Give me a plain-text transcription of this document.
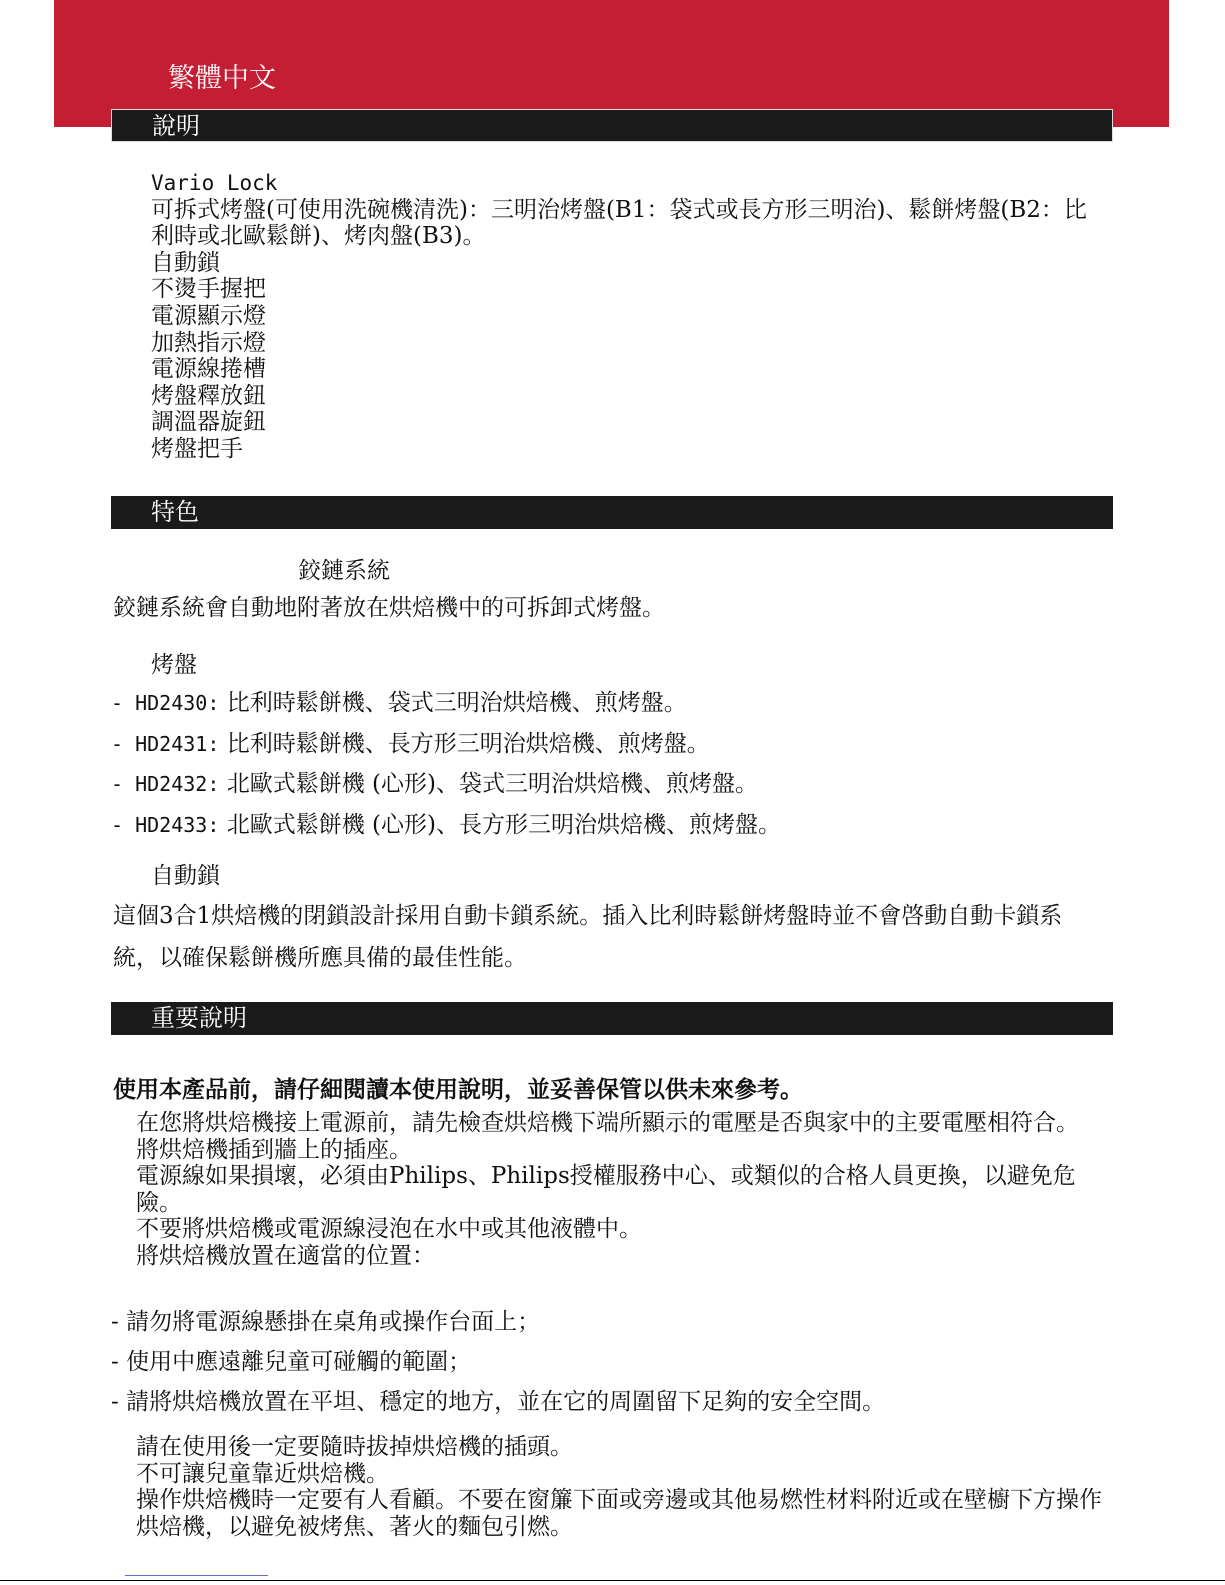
繁體中文
說明
Vario Lock
可拆式烤盤(可使用洗碗機清洗)：三明治烤盤(B1：袋式或長方形三明治)、鬆餅烤盤(B2：比利時或北歐鬆餅)、烤肉盤(B3)。
自動鎖
不燙手握把
電源顯示燈
加熱指示燈
電源線捲槽
烤盤釋放鈕
調溫器旋鈕
烤盤把手
特色
鉸鏈系統
鉸鏈系統會自動地附著放在烘焙機中的可拆卸式烤盤。
烤盤
- HD2430: 比利時鬆餅機、袋式三明治烘焙機、煎烤盤。
- HD2431: 比利時鬆餅機、長方形三明治烘焙機、煎烤盤。
- HD2432: 北歐式鬆餅機 (心形)、袋式三明治烘焙機、煎烤盤。
- HD2433: 北歐式鬆餅機 (心形)、長方形三明治烘焙機、煎烤盤。
自動鎖
這個3合1烘焙機的閉鎖設計採用自動卡鎖系統。插入比利時鬆餅烤盤時並不會啓動自動卡鎖系統，以確保鬆餅機所應具備的最佳性能。
重要說明
使用本產品前，請仔細閱讀本使用說明，並妥善保管以供未來參考。
在您將烘焙機接上電源前，請先檢查烘焙機下端所顯示的電壓是否與家中的主要電壓相符合。
將烘焙機插到牆上的插座。
電源線如果損壞，必須由Philips、Philips授權服務中心、或類似的合格人員更換，以避免危險。
不要將烘焙機或電源線浸泡在水中或其他液體中。
將烘焙機放置在適當的位置：
- 請勿將電源線懸掛在桌角或操作台面上；
- 使用中應遠離兒童可碰觸的範圍；
- 請將烘焙機放置在平坦、穩定的地方，並在它的周圍留下足夠的安全空間。
請在使用後一定要隨時拔掉烘焙機的插頭。
不可讓兒童靠近烘焙機。
操作烘焙機時一定要有人看顧。不要在窗簾下面或旁邊或其他易燃性材料附近或在壁櫥下方操作烘焙機，以避免被烤焦、著火的麵包引燃。
